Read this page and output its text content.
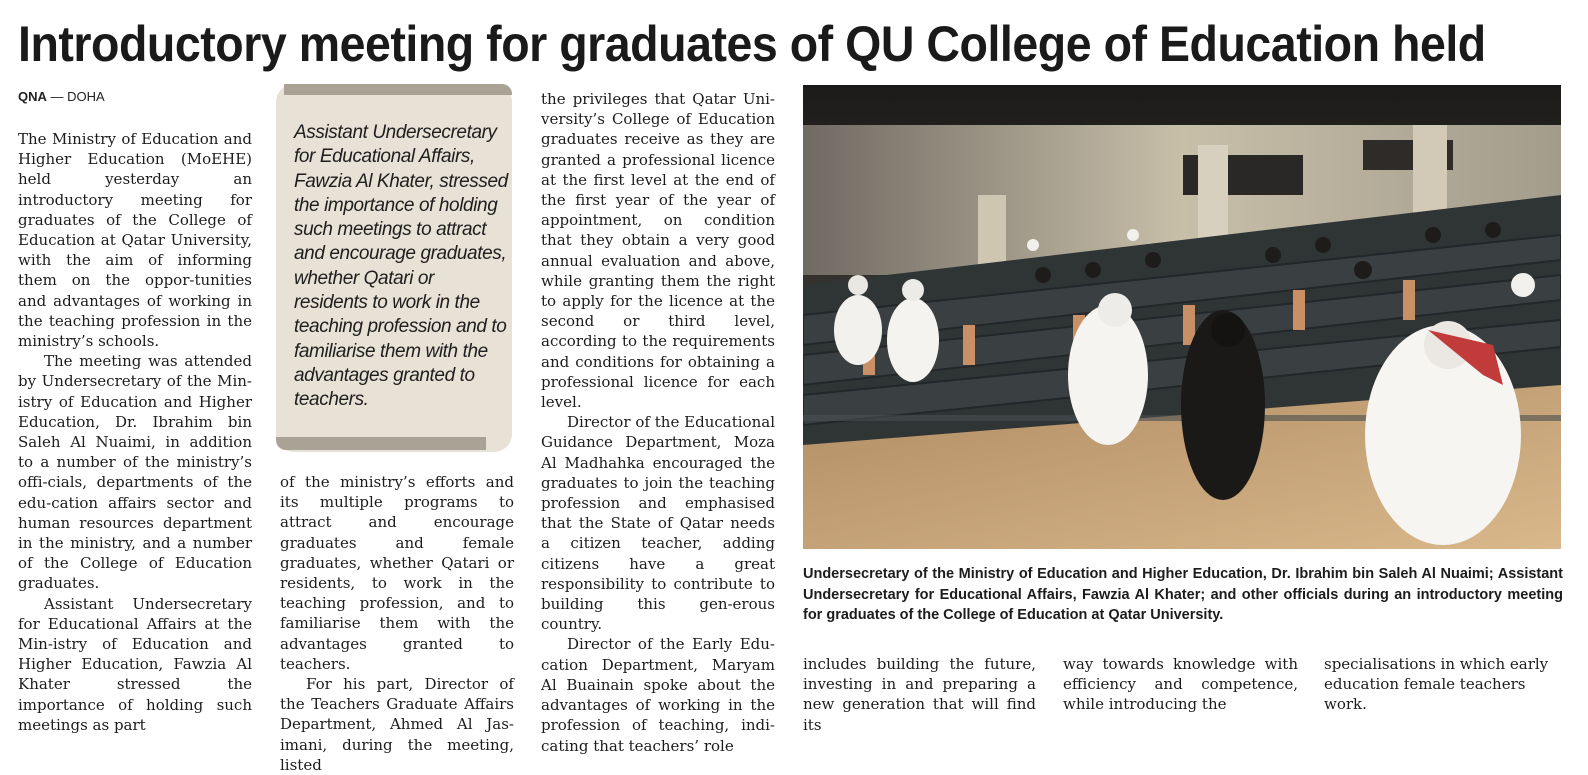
Introductory meeting for graduates of QU College of Education held
QNA — DOHA

The Ministry of Education and Higher Education (MoEHE) held yesterday an introductory meeting for graduates of the College of Education at Qatar University, with the aim of informing them on the oppor-tunities and advantages of working in the teaching profession in the ministry’s schools.

The meeting was attended by Undersecretary of the Min-istry of Education and Higher Education, Dr. Ibrahim bin Saleh Al Nuaimi, in addition to a number of the ministry’s offi-cials, departments of the edu-cation affairs sector and human resources department in the ministry, and a number of the College of Education graduates.

Assistant Undersecretary for Educational Affairs at the Min-istry of Education and Higher Education, Fawzia Al Khater stressed the importance of holding such meetings as part

Assistant Undersecretary for Educational Affairs, Fawzia Al Khater, stressed the importance of holding such meetings to attract and encourage graduates, whether Qatari or residents to work in the teaching profession and to familiarise them with the advantages granted to teachers.

of the ministry’s efforts and its multiple programs to attract and encourage graduates and female graduates, whether Qatari or residents, to work in the teaching profession, and to familiarise them with the advantages granted to teachers.

For his part, Director of the Teachers Graduate Affairs Department, Ahmed Al Jas-imani, during the meeting, listed

the privileges that Qatar Uni-versity’s College of Education graduates receive as they are granted a professional licence at the first level at the end of the first year of the year of appointment, on condition that they obtain a very good annual evaluation and above, while granting them the right to apply for the licence at the second or third level, according to the requirements and conditions for obtaining a professional licence for each level.

Director of the Educational Guidance Department, Moza Al Madhahka encouraged the graduates to join the teaching profession and emphasised that the State of Qatar needs a citizen teacher, adding citizens have a great responsibility to contribute to building this gen-erous country.

Director of the Early Edu-cation Department, Maryam Al Buainain spoke about the advantages of working in the profession of teaching, indi-cating that teachers’ role

Undersecretary of the Ministry of Education and Higher Education, Dr. Ibrahim bin Saleh Al Nuaimi; Assistant Undersecretary for Educational Affairs, Fawzia Al Khater; and other officials during an introductory meeting for graduates of the College of Education at Qatar University.

includes building the future, investing in and preparing a new generation that will find its

way towards knowledge with efficiency and competence, while introducing the

specialisations in which early education female teachers work.
